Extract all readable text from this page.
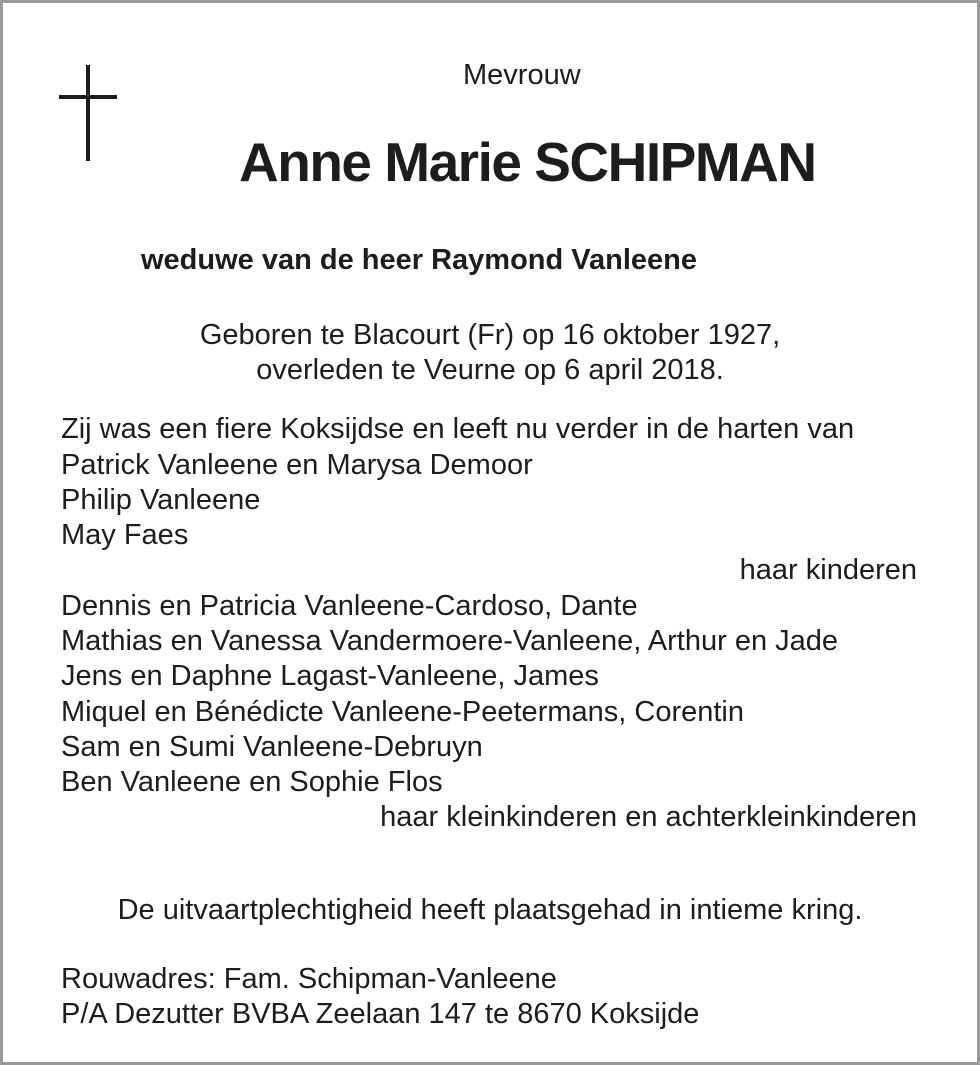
Mevrouw
Anne Marie SCHIPMAN
weduwe van de heer Raymond Vanleene
Geboren te Blacourt (Fr) op 16 oktober 1927,
overleden te Veurne op 6 april 2018.
Zij was een fiere Koksijdse en leeft nu verder in de harten van
Patrick Vanleene en Marysa Demoor
Philip Vanleene
May Faes
haar kinderen
Dennis en Patricia Vanleene-Cardoso, Dante
Mathias en Vanessa Vandermoere-Vanleene, Arthur en Jade
Jens en Daphne Lagast-Vanleene, James
Miquel en Bénédicte Vanleene-Peetermans, Corentin
Sam en Sumi Vanleene-Debruyn
Ben Vanleene en Sophie Flos
haar kleinkinderen en achterkleinkinderen
De uitvaartplechtigheid heeft plaatsgehad in intieme kring.
Rouwadres: Fam. Schipman-Vanleene
P/A Dezutter BVBA Zeelaan 147 te 8670 Koksijde
